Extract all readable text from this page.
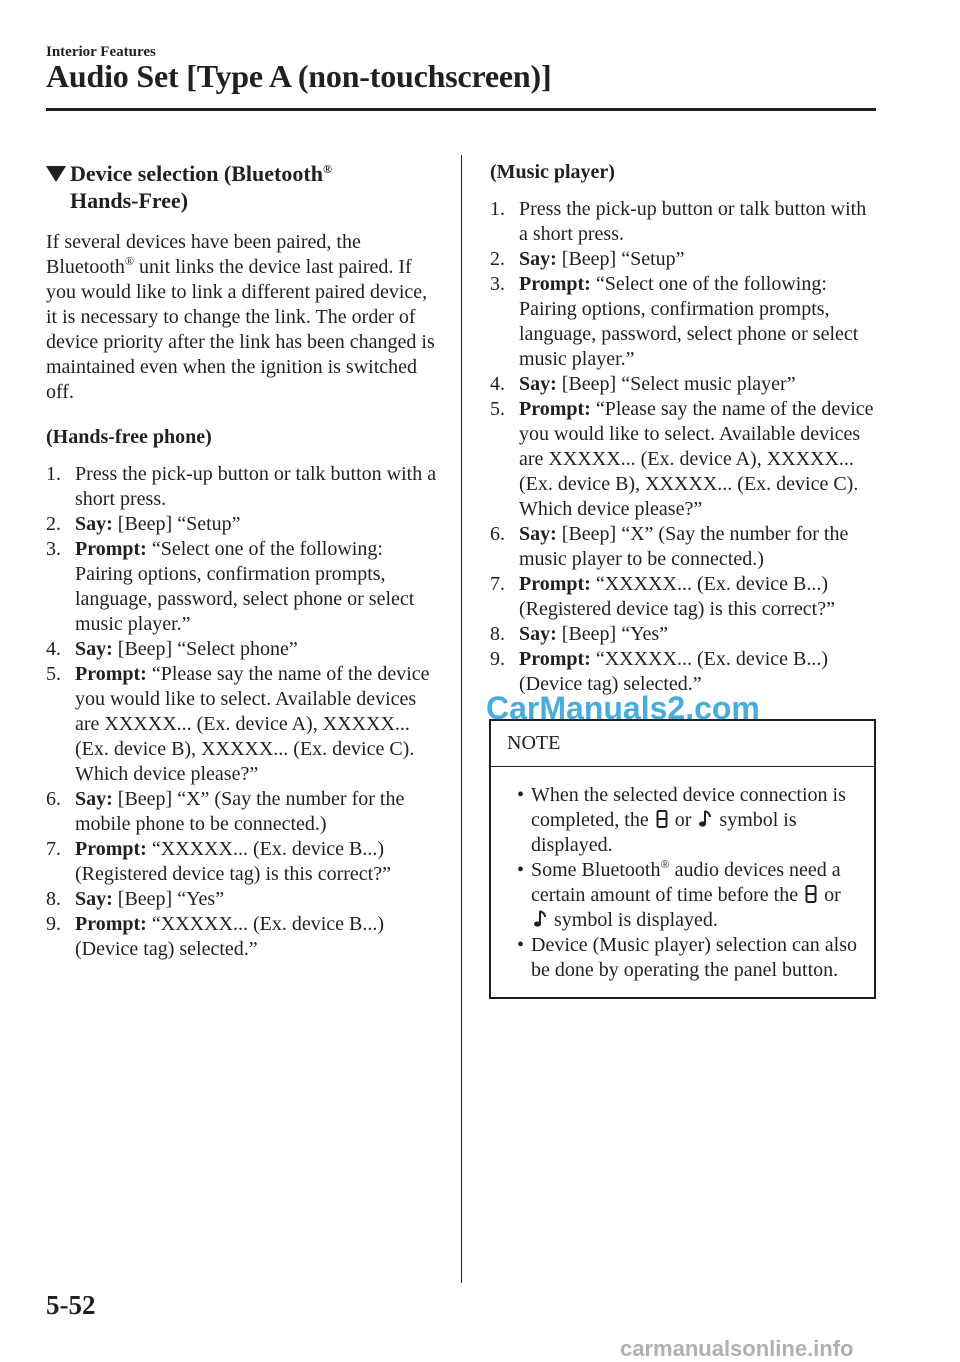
Interior Features
Audio Set [Type A (non-touchscreen)]
Device selection (Bluetooth®
Hands-Free)
If several devices have been paired, the Bluetooth® unit links the device last paired. If you would like to link a different paired device, it is necessary to change the link. The order of device priority after the link has been changed is maintained even when the ignition is switched off.
(Hands-free phone)
1. Press the pick-up button or talk button with a short press.
2. Say: [Beep] “Setup”
3. Prompt: “Select one of the following: Pairing options, confirmation prompts, language, password, select phone or select music player.”
4. Say: [Beep] “Select phone”
5. Prompt: “Please say the name of the device you would like to select. Available devices are XXXXX... (Ex. device A), XXXXX... (Ex. device B), XXXXX... (Ex. device C). Which device please?”
6. Say: [Beep] “X” (Say the number for the mobile phone to be connected.)
7. Prompt: “XXXXX... (Ex. device B...) (Registered device tag) is this correct?”
8. Say: [Beep] “Yes”
9. Prompt: “XXXXX... (Ex. device B...) (Device tag) selected.”
(Music player)
1. Press the pick-up button or talk button with a short press.
2. Say: [Beep] “Setup”
3. Prompt: “Select one of the following: Pairing options, confirmation prompts, language, password, select phone or select music player.”
4. Say: [Beep] “Select music player”
5. Prompt: “Please say the name of the device you would like to select. Available devices are XXXXX... (Ex. device A), XXXXX... (Ex. device B), XXXXX... (Ex. device C). Which device please?”
6. Say: [Beep] “X” (Say the number for the music player to be connected.)
7. Prompt: “XXXXX... (Ex. device B...) (Registered device tag) is this correct?”
8. Say: [Beep] “Yes”
9. Prompt: “XXXXX... (Ex. device B...) (Device tag) selected.”
NOTE
• When the selected device connection is completed, the  or  symbol is displayed.
• Some Bluetooth® audio devices need a certain amount of time before the  or  symbol is displayed.
• Device (Music player) selection can also be done by operating the panel button.
CarManuals2.com
5-52
carmanualsonline.info
